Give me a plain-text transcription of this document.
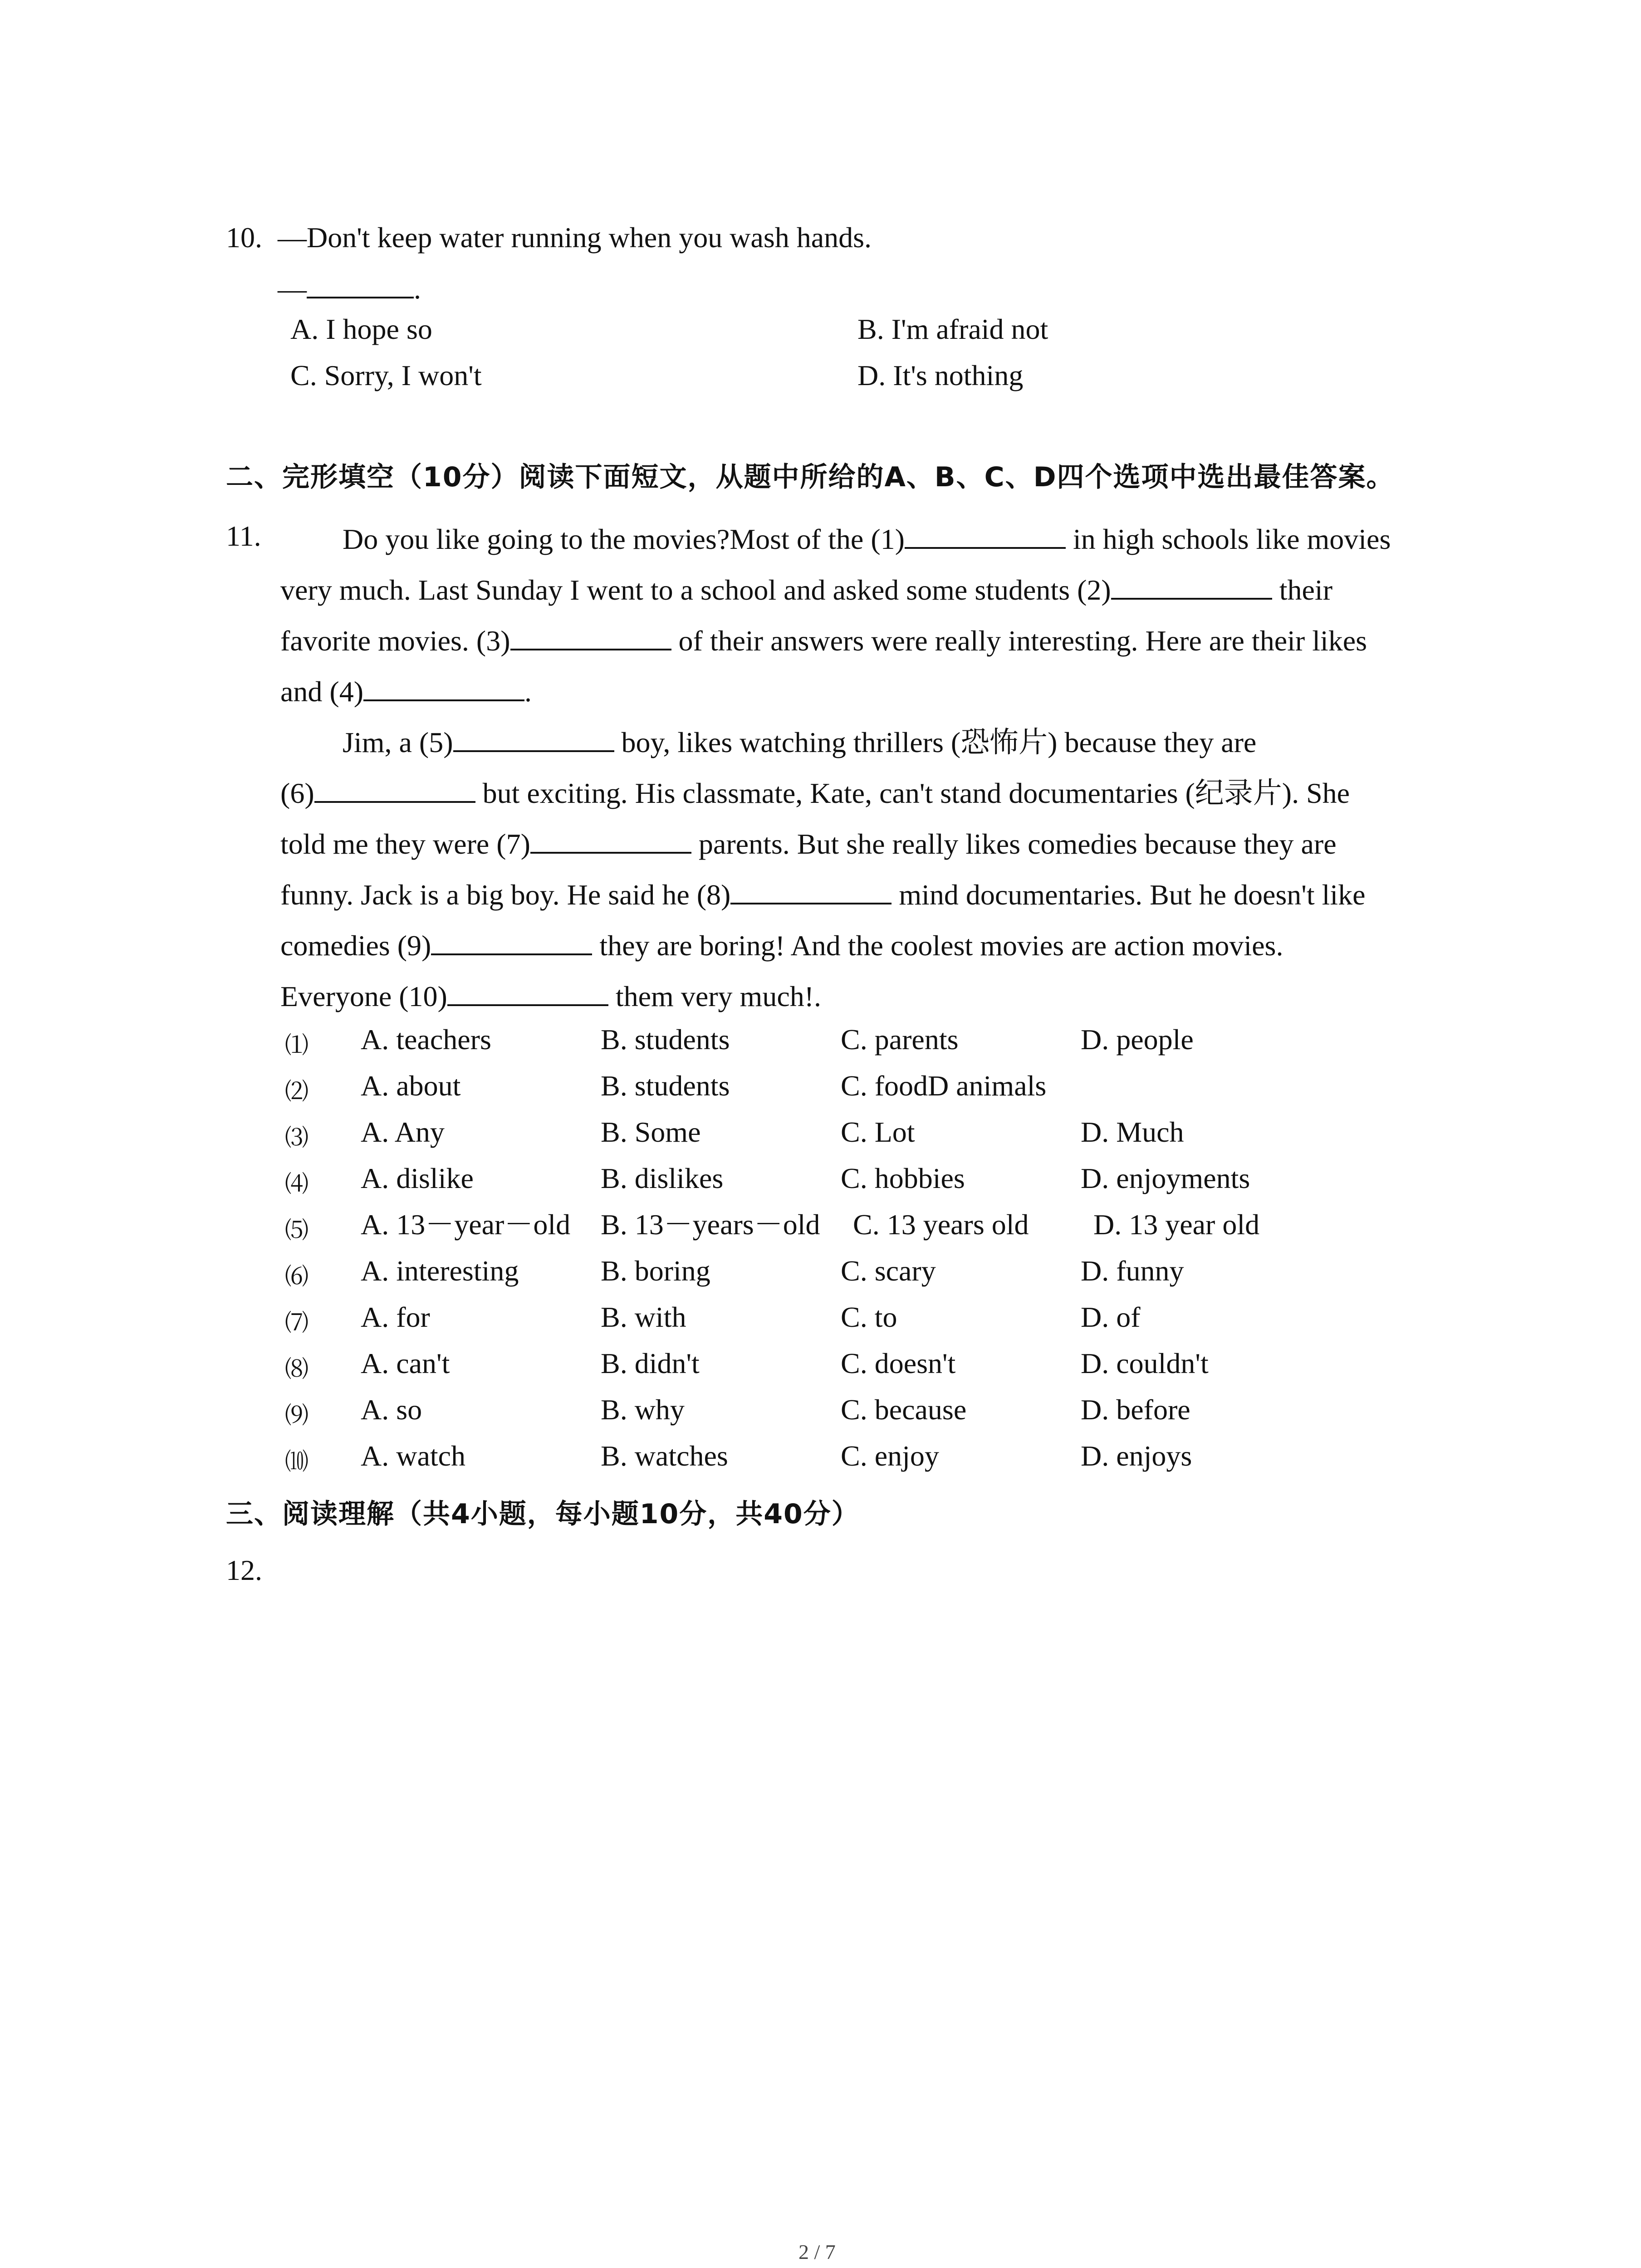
10. —Don't keep water running when you wash hands.
—	.
A. I hope so	B. I'm afraid not
C. Sorry, I won't	D. It's nothing
二、完形填空（10分）阅读下面短文，从题中所给的A、B、C、D四个选项中选出最佳答案。
11.	Do you like going to the movies?Most of the (1)	in high schools like movies
very much. Last Sunday I went to a school and asked some students (2)	their
favorite movies. (3)	of their answers were really interesting. Here are their likes
and (4)	.
Jim, a (5)	boy, likes watching thrillers (恐怖片) because they are
(6)	but exciting. His classmate, Kate, can't stand documentaries (纪录片). She
told me they were (7)	parents. But she really likes comedies because they are
funny. Jack is a big boy. He said he (8)	mind documentaries. But he doesn't like
comedies (9)	they are boring! And the coolest movies are action movies.
Everyone (10)	them very much!.
⑴ A. teachers	B. students	C. parents	D. people
⑵ A. about	B. students	C. foodD animals
⑶ A. Any	B. Some	C. Lot	D. Much
⑷ A. dislike	B. dislikes	C. hobbies	D. enjoyments
⑸ A. 13－year－old B. 13－years－old C. 13 years old D. 13 year old
⑹ A. interesting	B. boring	C. scary	D. funny
⑺ A. for	B. with	C. to	D. of
⑻ A. can't	B. didn't	C. doesn't	D. couldn't
⑼ A. so	B. why	C. because	D. before
⑽ A. watch	B. watches	C. enjoy	D. enjoys
三、阅读理解（共4小题，每小题10分，共40分）
12.
2 / 7
